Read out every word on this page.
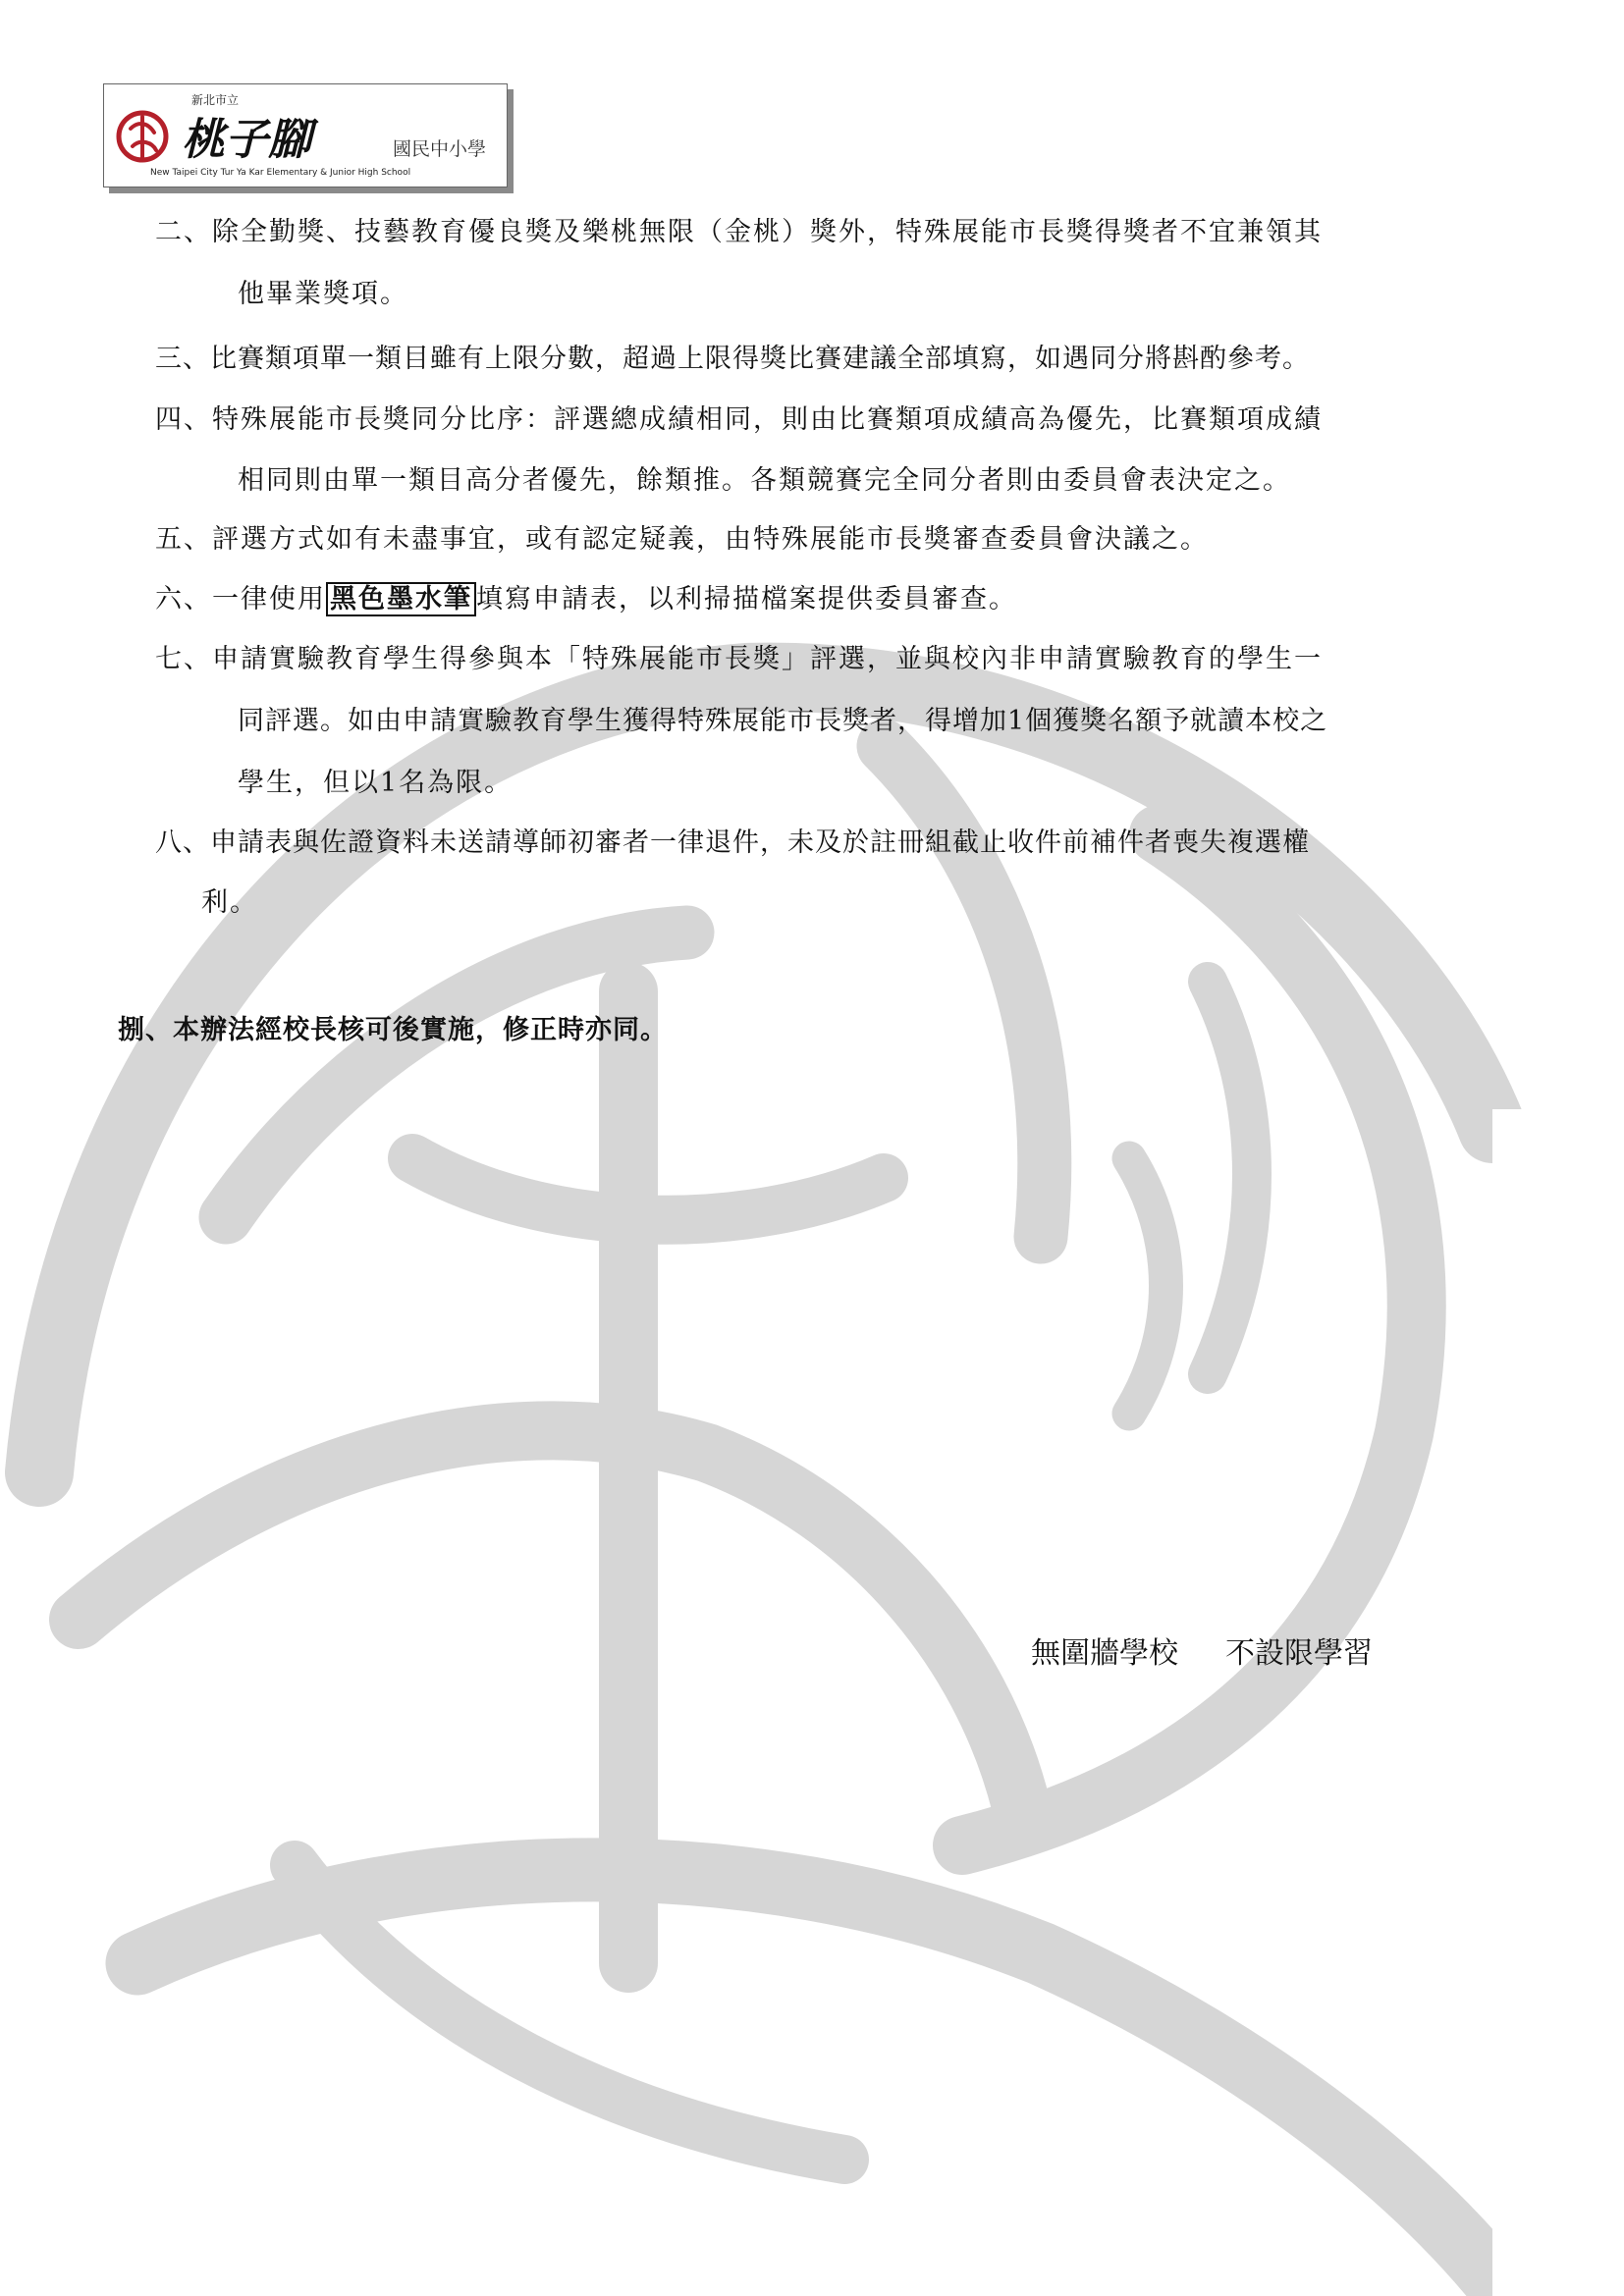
新北市立
桃子腳	國民中小學
New Taipei City Tur Ya Kar Elementary & Junior High School
二、除全勤獎、技藝教育優良獎及樂桃無限（金桃）獎外，特殊展能市長獎得獎者不宜兼領其
他畢業獎項。
三、比賽類項單一類目雖有上限分數，超過上限得獎比賽建議全部填寫，如遇同分將斟酌參考。
四、特殊展能市長獎同分比序：評選總成績相同，則由比賽類項成績高為優先，比賽類項成績
相同則由單一類目高分者優先，餘類推。各類競賽完全同分者則由委員會表決定之。
五、評選方式如有未盡事宜，或有認定疑義，由特殊展能市長獎審查委員會決議之。
六、一律使用 黑色墨水筆 填寫申請表，以利掃描檔案提供委員審查。
七、申請實驗教育學生得參與本「特殊展能市長獎」評選，並與校內非申請實驗教育的學生一
同評選。如由申請實驗教育學生獲得特殊展能市長獎者，得增加1個獲獎名額予就讀本校之
學生，但以1名為限。
八、申請表與佐證資料未送請導師初審者一律退件，未及於註冊組截止收件前補件者喪失複選權
利。
捌、本辦法經校長核可後實施，修正時亦同。
無圍牆學校 不設限學習
